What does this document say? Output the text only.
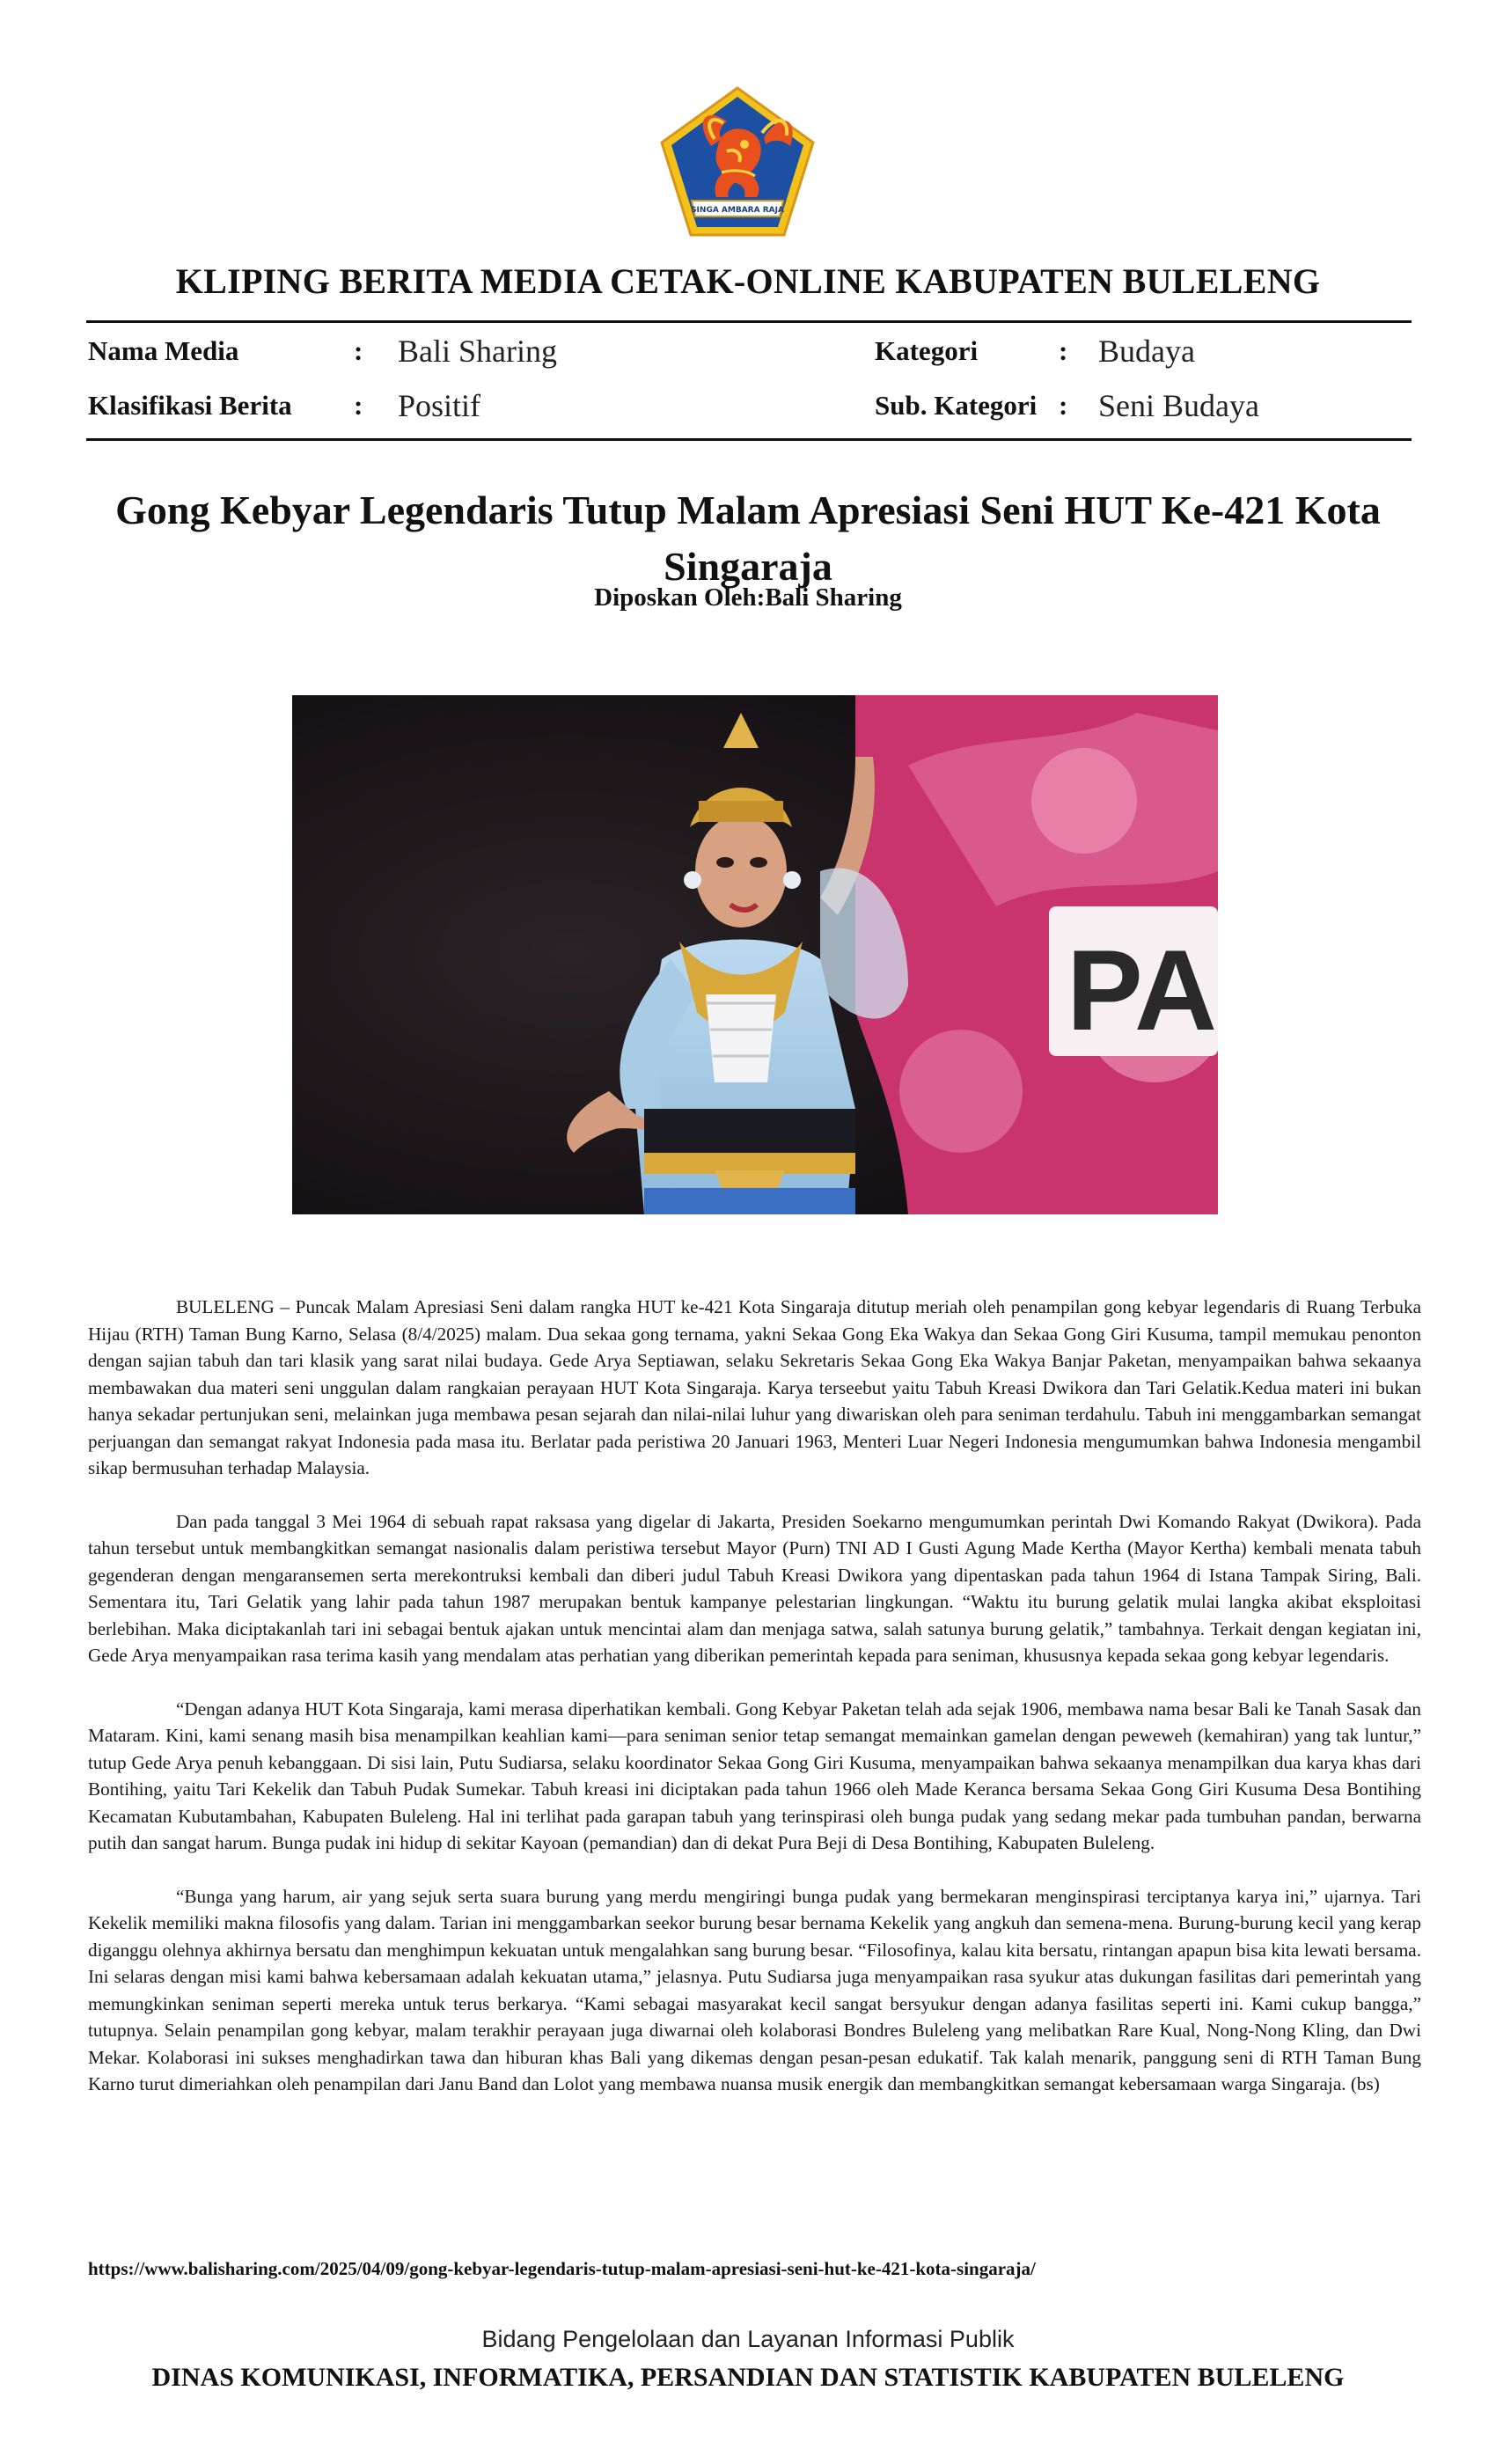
SINGA AMBARA RAJA
KLIPING BERITA MEDIA CETAK-ONLINE KABUPATEN BULELENG
Nama Media	: Bali Sharing	Kategori	: Budaya
Klasifikasi Berita : Positif	Sub. Kategori : Seni Budaya
Gong Kebyar Legendaris Tutup Malam Apresiasi Seni HUT Ke-421 Kota Singaraja
Diposkan Oleh:Bali Sharing
PA

BULELENG – Puncak Malam Apresiasi Seni dalam rangka HUT ke-421 Kota Singaraja ditutup meriah oleh penampilan gong kebyar legendaris di Ruang Terbuka Hijau (RTH) Taman Bung Karno, Selasa (8/4/2025) malam. Dua sekaa gong ternama, yakni Sekaa Gong Eka Wakya dan Sekaa Gong Giri Kusuma, tampil memukau penonton dengan sajian tabuh dan tari klasik yang sarat nilai budaya. Gede Arya Septiawan, selaku Sekretaris Sekaa Gong Eka Wakya Banjar Paketan, menyampaikan bahwa sekaanya membawakan dua materi seni unggulan dalam rangkaian perayaan HUT Kota Singaraja. Karya terseebut yaitu Tabuh Kreasi Dwikora dan Tari Gelatik.Kedua materi ini bukan hanya sekadar pertunjukan seni, melainkan juga membawa pesan sejarah dan nilai-nilai luhur yang diwariskan oleh para seniman terdahulu. Tabuh ini menggambarkan semangat perjuangan dan semangat rakyat Indonesia pada masa itu. Berlatar pada peristiwa 20 Januari 1963, Menteri Luar Negeri Indonesia mengumumkan bahwa Indonesia mengambil sikap bermusuhan terhadap Malaysia.

Dan pada tanggal 3 Mei 1964 di sebuah rapat raksasa yang digelar di Jakarta, Presiden Soekarno mengumumkan perintah Dwi Komando Rakyat (Dwikora). Pada tahun tersebut untuk membangkitkan semangat nasionalis dalam peristiwa tersebut Mayor (Purn) TNI AD I Gusti Agung Made Kertha (Mayor Kertha) kembali menata tabuh gegenderan dengan mengaransemen serta merekontruksi kembali dan diberi judul Tabuh Kreasi Dwikora yang dipentaskan pada tahun 1964 di Istana Tampak Siring, Bali. Sementara itu, Tari Gelatik yang lahir pada tahun 1987 merupakan bentuk kampanye pelestarian lingkungan. “Waktu itu burung gelatik mulai langka akibat eksploitasi berlebihan. Maka diciptakanlah tari ini sebagai bentuk ajakan untuk mencintai alam dan menjaga satwa, salah satunya burung gelatik,” tambahnya. Terkait dengan kegiatan ini, Gede Arya menyampaikan rasa terima kasih yang mendalam atas perhatian yang diberikan pemerintah kepada para seniman, khususnya kepada sekaa gong kebyar legendaris.

“Dengan adanya HUT Kota Singaraja, kami merasa diperhatikan kembali. Gong Kebyar Paketan telah ada sejak 1906, membawa nama besar Bali ke Tanah Sasak dan Mataram. Kini, kami senang masih bisa menampilkan keahlian kami—para seniman senior tetap semangat memainkan gamelan dengan peweweh (kemahiran) yang tak luntur,” tutup Gede Arya penuh kebanggaan. Di sisi lain, Putu Sudiarsa, selaku koordinator Sekaa Gong Giri Kusuma, menyampaikan bahwa sekaanya menampilkan dua karya khas dari Bontihing, yaitu Tari Kekelik dan Tabuh Pudak Sumekar. Tabuh kreasi ini diciptakan pada tahun 1966 oleh Made Keranca bersama Sekaa Gong Giri Kusuma Desa Bontihing Kecamatan Kubutambahan, Kabupaten Buleleng. Hal ini terlihat pada garapan tabuh yang terinspirasi oleh bunga pudak yang sedang mekar pada tumbuhan pandan, berwarna putih dan sangat harum. Bunga pudak ini hidup di sekitar Kayoan (pemandian) dan di dekat Pura Beji di Desa Bontihing, Kabupaten Buleleng.

“Bunga yang harum, air yang sejuk serta suara burung yang merdu mengiringi bunga pudak yang bermekaran menginspirasi terciptanya karya ini,” ujarnya. Tari Kekelik memiliki makna filosofis yang dalam. Tarian ini menggambarkan seekor burung besar bernama Kekelik yang angkuh dan semena-mena. Burung-burung kecil yang kerap diganggu olehnya akhirnya bersatu dan menghimpun kekuatan untuk mengalahkan sang burung besar. “Filosofinya, kalau kita bersatu, rintangan apapun bisa kita lewati bersama. Ini selaras dengan misi kami bahwa kebersamaan adalah kekuatan utama,” jelasnya. Putu Sudiarsa juga menyampaikan rasa syukur atas dukungan fasilitas dari pemerintah yang memungkinkan seniman seperti mereka untuk terus berkarya. “Kami sebagai masyarakat kecil sangat bersyukur dengan adanya fasilitas seperti ini. Kami cukup bangga,” tutupnya. Selain penampilan gong kebyar, malam terakhir perayaan juga diwarnai oleh kolaborasi Bondres Buleleng yang melibatkan Rare Kual, Nong-Nong Kling, dan Dwi Mekar. Kolaborasi ini sukses menghadirkan tawa dan hiburan khas Bali yang dikemas dengan pesan-pesan edukatif. Tak kalah menarik, panggung seni di RTH Taman Bung Karno turut dimeriahkan oleh penampilan dari Janu Band dan Lolot yang membawa nuansa musik energik dan membangkitkan semangat kebersamaan warga Singaraja. (bs)

https://www.balisharing.com/2025/04/09/gong-kebyar-legendaris-tutup-malam-apresiasi-seni-hut-ke-421-kota-singaraja/
Bidang Pengelolaan dan Layanan Informasi Publik
DINAS KOMUNIKASI, INFORMATIKA, PERSANDIAN DAN STATISTIK KABUPATEN BULELENG
